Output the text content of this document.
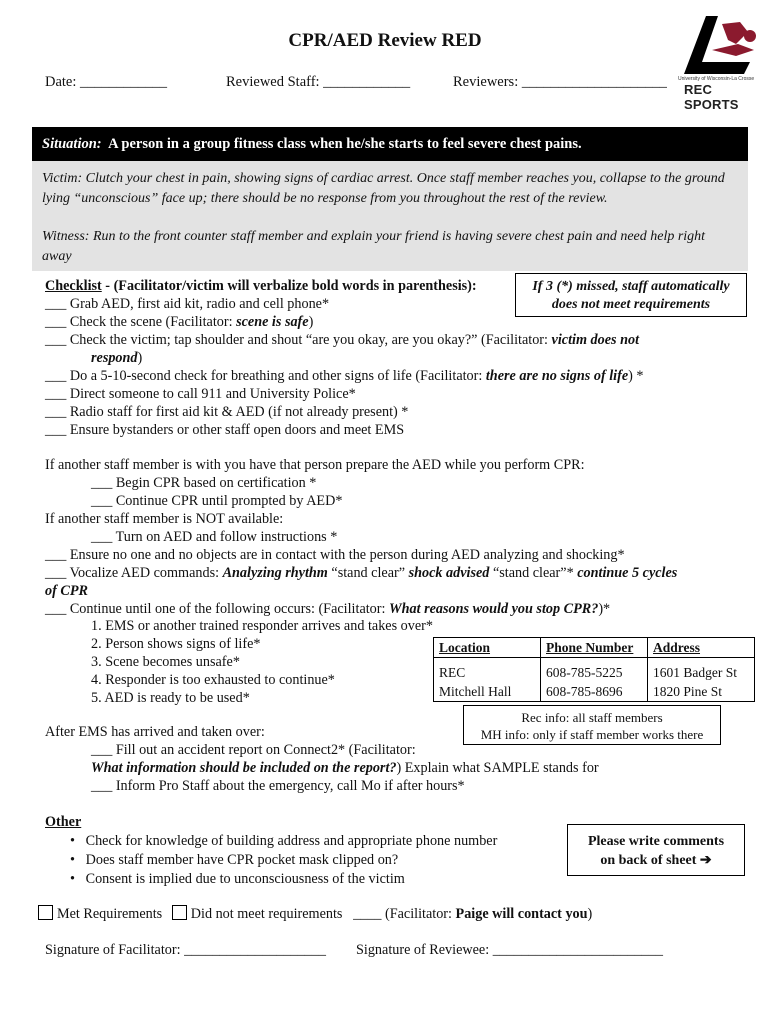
CPR/AED Review RED
Date: ____________	Reviewed Staff: ____________	Reviewers: ____________________ University of Wisconsin-La Crosse
REC SPORTS
Situation: A person in a group fitness class when he/she starts to feel severe chest pains.
Victim: Clutch your chest in pain, showing signs of cardiac arrest. Once staff member reaches you, collapse to the ground lying “unconscious” face up; there should be no response from you throughout the rest of the review.
Witness: Run to the front counter staff member and explain your friend is having severe chest pain and need help right away
If 3 (*) missed, staff automatically
does not meet requirements
Checklist - (Facilitator/victim will verbalize bold words in parenthesis):
___ Grab AED, first aid kit, radio and cell phone*
___ Check the scene (Facilitator: scene is safe)
___ Check the victim; tap shoulder and shout “are you okay, are you okay?” (Facilitator: victim does not
respond)
___ Do a 5-10-second check for breathing and other signs of life (Facilitator: there are no signs of life) *
___ Direct someone to call 911 and University Police*
___ Radio staff for first aid kit & AED (if not already present) *
___ Ensure bystanders or other staff open doors and meet EMS
If another staff member is with you have that person prepare the AED while you perform CPR:
___ Begin CPR based on certification *
___ Continue CPR until prompted by AED*
If another staff member is NOT available:
___ Turn on AED and follow instructions *
___ Ensure no one and no objects are in contact with the person during AED analyzing and shocking*
___ Vocalize AED commands: Analyzing rhythm “stand clear” shock advised “stand clear”* continue 5 cycles
of CPR
___ Continue until one of the following occurs: (Facilitator: What reasons would you stop CPR?)*
1. EMS or another trained responder arrives and takes over*
2. Person shows signs of life*
3. Scene becomes unsafe*
4. Responder is too exhausted to continue*
5. AED is ready to be used*
Location	Phone Number	Address
REC	608-785-5225	1601 Badger St
Mitchell Hall	608-785-8696	1820 Pine St
Rec info: all staff members
MH info: only if staff member works there
After EMS has arrived and taken over:
___ Fill out an accident report on Connect2* (Facilitator:
What information should be included on the report?) Explain what SAMPLE stands for
___ Inform Pro Staff about the emergency, call Mo if after hours*
Other
•   Check for knowledge of building address and appropriate phone number
•   Does staff member have CPR pocket mask clipped on?
•   Consent is implied due to unconsciousness of the victim
Please write comments
on back of sheet ➔
Met Requirements Did not meet requirements ____ (Facilitator: Paige will contact you)
Signature of Facilitator: ____________________ Signature of Reviewee: ________________________
